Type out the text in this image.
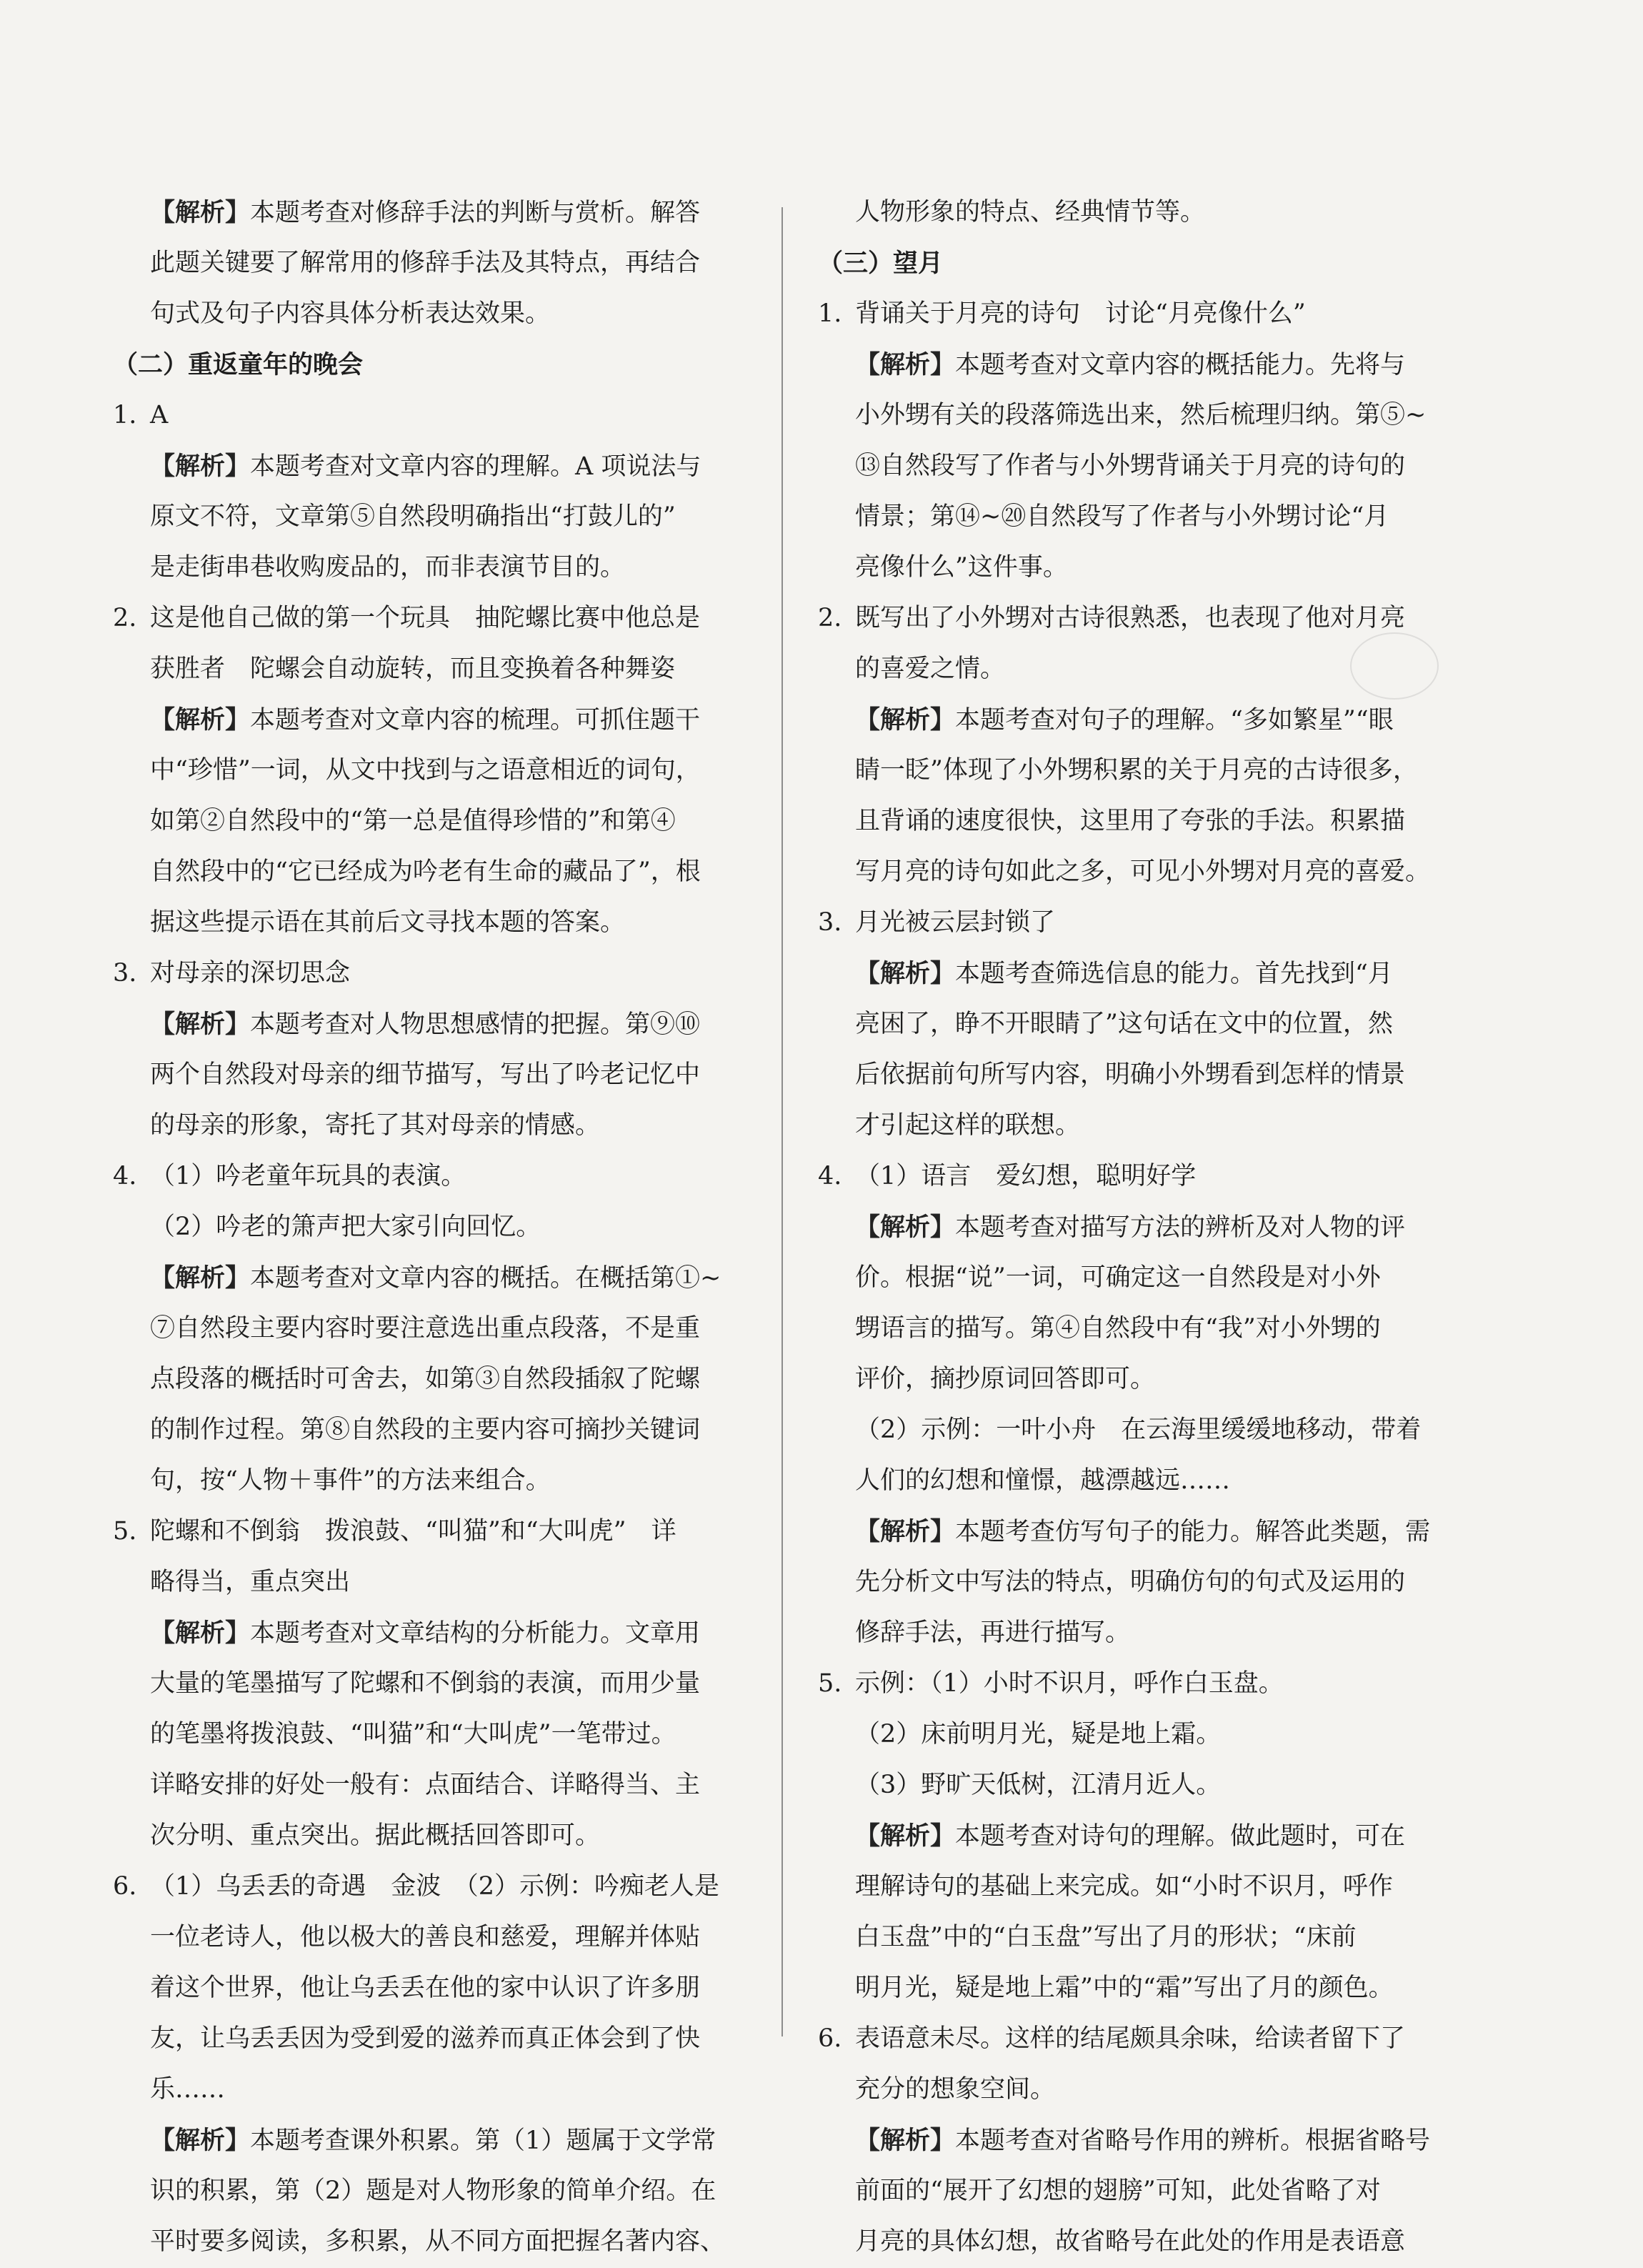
【解析】本题考查对修辞手法的判断与赏析。解答
此题关键要了解常用的修辞手法及其特点，再结合
句式及句子内容具体分析表达效果。
（二）重返童年的晚会
1. A
【解析】本题考查对文章内容的理解。A 项说法与
原文不符，文章第⑤自然段明确指出“打鼓儿的”
是走街串巷收购废品的，而非表演节目的。
2. 这是他自己做的第一个玩具　抽陀螺比赛中他总是
获胜者　陀螺会自动旋转，而且变换着各种舞姿
【解析】本题考查对文章内容的梳理。可抓住题干
中“珍惜”一词，从文中找到与之语意相近的词句，
如第②自然段中的“第一总是值得珍惜的”和第④
自然段中的“它已经成为吟老有生命的藏品了”，根
据这些提示语在其前后文寻找本题的答案。
3. 对母亲的深切思念
【解析】本题考查对人物思想感情的把握。第⑨⑩
两个自然段对母亲的细节描写，写出了吟老记忆中
的母亲的形象，寄托了其对母亲的情感。
4. （1）吟老童年玩具的表演。
（2）吟老的箫声把大家引向回忆。
【解析】本题考查对文章内容的概括。在概括第①~
⑦自然段主要内容时要注意选出重点段落，不是重
点段落的概括时可舍去，如第③自然段插叙了陀螺
的制作过程。第⑧自然段的主要内容可摘抄关键词
句，按“人物＋事件”的方法来组合。
5. 陀螺和不倒翁　拨浪鼓、“叫猫”和“大叫虎”　详
略得当，重点突出
【解析】本题考查对文章结构的分析能力。文章用
大量的笔墨描写了陀螺和不倒翁的表演，而用少量
的笔墨将拨浪鼓、“叫猫”和“大叫虎”一笔带过。
详略安排的好处一般有：点面结合、详略得当、主
次分明、重点突出。据此概括回答即可。
6. （1）乌丢丢的奇遇　金波　（2）示例：吟痴老人是
一位老诗人，他以极大的善良和慈爱，理解并体贴
着这个世界，他让乌丢丢在他的家中认识了许多朋
友，让乌丢丢因为受到爱的滋养而真正体会到了快
乐……
【解析】本题考查课外积累。第（1）题属于文学常
识的积累，第（2）题是对人物形象的简单介绍。在
平时要多阅读，多积累，从不同方面把握名著内容、
人物形象的特点、经典情节等。
（三）望月
1. 背诵关于月亮的诗句　讨论“月亮像什么”
【解析】本题考查对文章内容的概括能力。先将与
小外甥有关的段落筛选出来，然后梳理归纳。第⑤~
⑬自然段写了作者与小外甥背诵关于月亮的诗句的
情景；第⑭~⑳自然段写了作者与小外甥讨论“月
亮像什么”这件事。
2. 既写出了小外甥对古诗很熟悉，也表现了他对月亮
的喜爱之情。
【解析】本题考查对句子的理解。“多如繁星”“眼
睛一眨”体现了小外甥积累的关于月亮的古诗很多，
且背诵的速度很快，这里用了夸张的手法。积累描
写月亮的诗句如此之多，可见小外甥对月亮的喜爱。
3. 月光被云层封锁了
【解析】本题考查筛选信息的能力。首先找到“月
亮困了，睁不开眼睛了”这句话在文中的位置，然
后依据前句所写内容，明确小外甥看到怎样的情景
才引起这样的联想。
4. （1）语言　爱幻想，聪明好学
【解析】本题考查对描写方法的辨析及对人物的评
价。根据“说”一词，可确定这一自然段是对小外
甥语言的描写。第④自然段中有“我”对小外甥的
评价，摘抄原词回答即可。
（2）示例：一叶小舟　在云海里缓缓地移动，带着
人们的幻想和憧憬，越漂越远……
【解析】本题考查仿写句子的能力。解答此类题，需
先分析文中写法的特点，明确仿句的句式及运用的
修辞手法，再进行描写。
5. 示例：（1）小时不识月，呼作白玉盘。
（2）床前明月光，疑是地上霜。
（3）野旷天低树，江清月近人。
【解析】本题考查对诗句的理解。做此题时，可在
理解诗句的基础上来完成。如“小时不识月，呼作
白玉盘”中的“白玉盘”写出了月的形状；“床前
明月光，疑是地上霜”中的“霜”写出了月的颜色。
6. 表语意未尽。这样的结尾颇具余味，给读者留下了
充分的想象空间。
【解析】本题考查对省略号作用的辨析。根据省略号
前面的“展开了幻想的翅膀”可知，此处省略了对
月亮的具体幻想，故省略号在此处的作用是表语意
